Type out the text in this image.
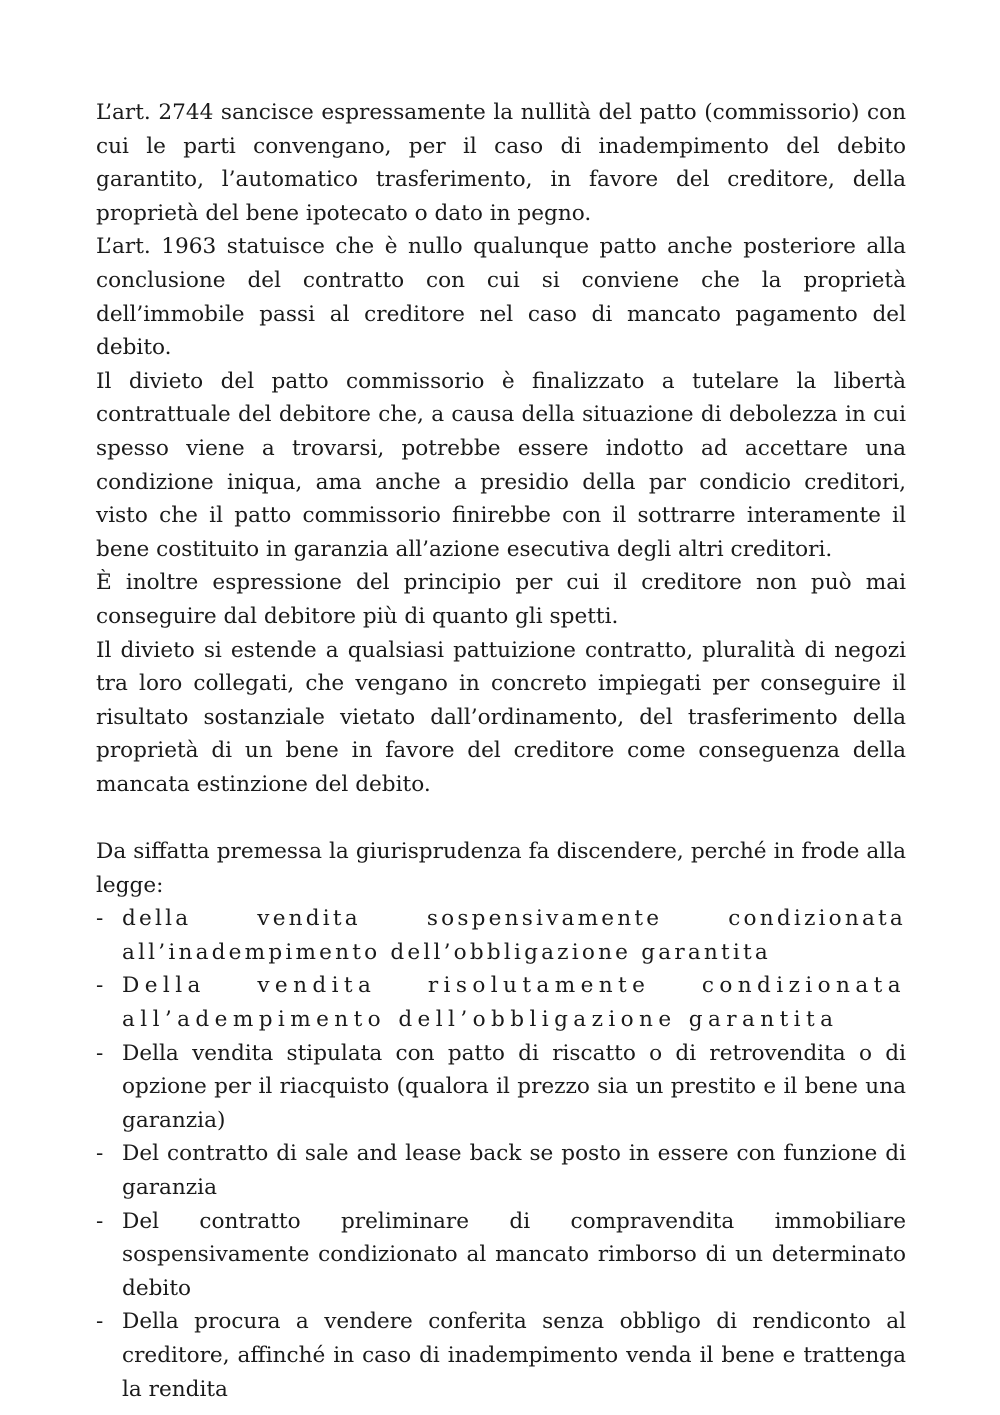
L’art. 2744 sancisce espressamente la nullità del patto (commissorio) con cui le parti convengano, per il caso di inadempimento del debito garantito, l’automatico trasferimento, in favore del creditore, della proprietà del bene ipotecato o dato in pegno.

L’art. 1963 statuisce che è nullo qualunque patto anche posteriore alla conclusione del contratto con cui si conviene che la proprietà dell’immobile passi al creditore nel caso di mancato pagamento del debito.

Il divieto del patto commissorio è finalizzato a tutelare la libertà contrattuale del debitore che, a causa della situazione di debolezza in cui spesso viene a trovarsi, potrebbe essere indotto ad accettare una condizione iniqua, ama anche a presidio della par condicio creditori, visto che il patto commissorio finirebbe con il sottrarre interamente il bene costituito in garanzia all’azione esecutiva degli altri creditori.

È inoltre espressione del principio per cui il creditore non può mai conseguire dal debitore più di quanto gli spetti.

Il divieto si estende a qualsiasi pattuizione contratto, pluralità di negozi tra loro collegati, che vengano in concreto impiegati per conseguire il risultato sostanziale vietato dall’ordinamento, del trasferimento della proprietà di un bene in favore del creditore come conseguenza della mancata estinzione del debito.

Da siffatta premessa la giurisprudenza fa discendere, perché in frode alla legge:

- della vendita sospensivamente condizionata all’inadempimento dell’obbligazione garantita
- Della vendita risolutamente condizionata all’adempimento dell’obbligazione garantita
- Della vendita stipulata con patto di riscatto o di retrovendita o di opzione per il riacquisto (qualora il prezzo sia un prestito e il bene una garanzia)
- Del contratto di sale and lease back se posto in essere con funzione di garanzia
- Del contratto preliminare di compravendita immobiliare sospensivamente condizionato al mancato rimborso di un determinato debito
- Della procura a vendere conferita senza obbligo di rendiconto al creditore, affinché in caso di inadempimento venda il bene e trattenga la rendita
